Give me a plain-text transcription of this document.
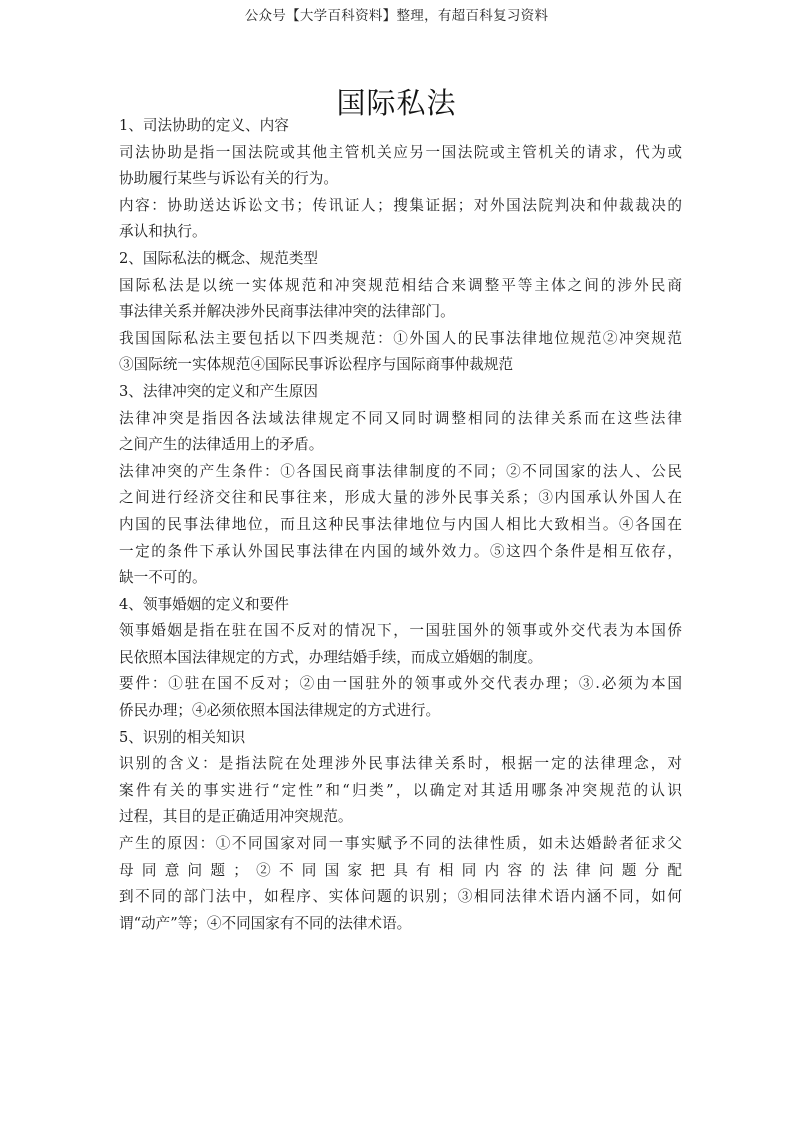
公众号【大学百科资料】整理，有超百科复习资料
国际私法
1、司法协助的定义、内容
司法协助是指一国法院或其他主管机关应另一国法院或主管机关的请求，代为或
协助履行某些与诉讼有关的行为。
内容：协助送达诉讼文书；传讯证人；搜集证据；对外国法院判决和仲裁裁决的
承认和执行。
2、国际私法的概念、规范类型
国际私法是以统一实体规范和冲突规范相结合来调整平等主体之间的涉外民商
事法律关系并解决涉外民商事法律冲突的法律部门。
我国国际私法主要包括以下四类规范：①外国人的民事法律地位规范②冲突规范
③国际统一实体规范④国际民事诉讼程序与国际商事仲裁规范
3、法律冲突的定义和产生原因
法律冲突是指因各法域法律规定不同又同时调整相同的法律关系而在这些法律
之间产生的法律适用上的矛盾。
法律冲突的产生条件：①各国民商事法律制度的不同；②不同国家的法人、公民
之间进行经济交往和民事往来，形成大量的涉外民事关系；③内国承认外国人在
内国的民事法律地位，而且这种民事法律地位与内国人相比大致相当。④各国在
一定的条件下承认外国民事法律在内国的域外效力。⑤这四个条件是相互依存，
缺一不可的。
4、领事婚姻的定义和要件
领事婚姻是指在驻在国不反对的情况下，一国驻国外的领事或外交代表为本国侨
民依照本国法律规定的方式，办理结婚手续，而成立婚姻的制度。
要件：①驻在国不反对；②由一国驻外的领事或外交代表办理；③.必须为本国
侨民办理；④必须依照本国法律规定的方式进行。
5、识别的相关知识
识别的含义：是指法院在处理涉外民事法律关系时，根据一定的法律理念，对
案件有关的事实进行“定性”和“归类”，以确定对其适用哪条冲突规范的认识
过程，其目的是正确适用冲突规范。
产生的原因：①不同国家对同一事实赋予不同的法律性质，如未达婚龄者征求父
母同意问题；②不同国家把具有相同内容的法律问题分配
到不同的部门法中，如程序、实体问题的识别；③相同法律术语内涵不同，如何
谓“动产”等；④不同国家有不同的法律术语。
